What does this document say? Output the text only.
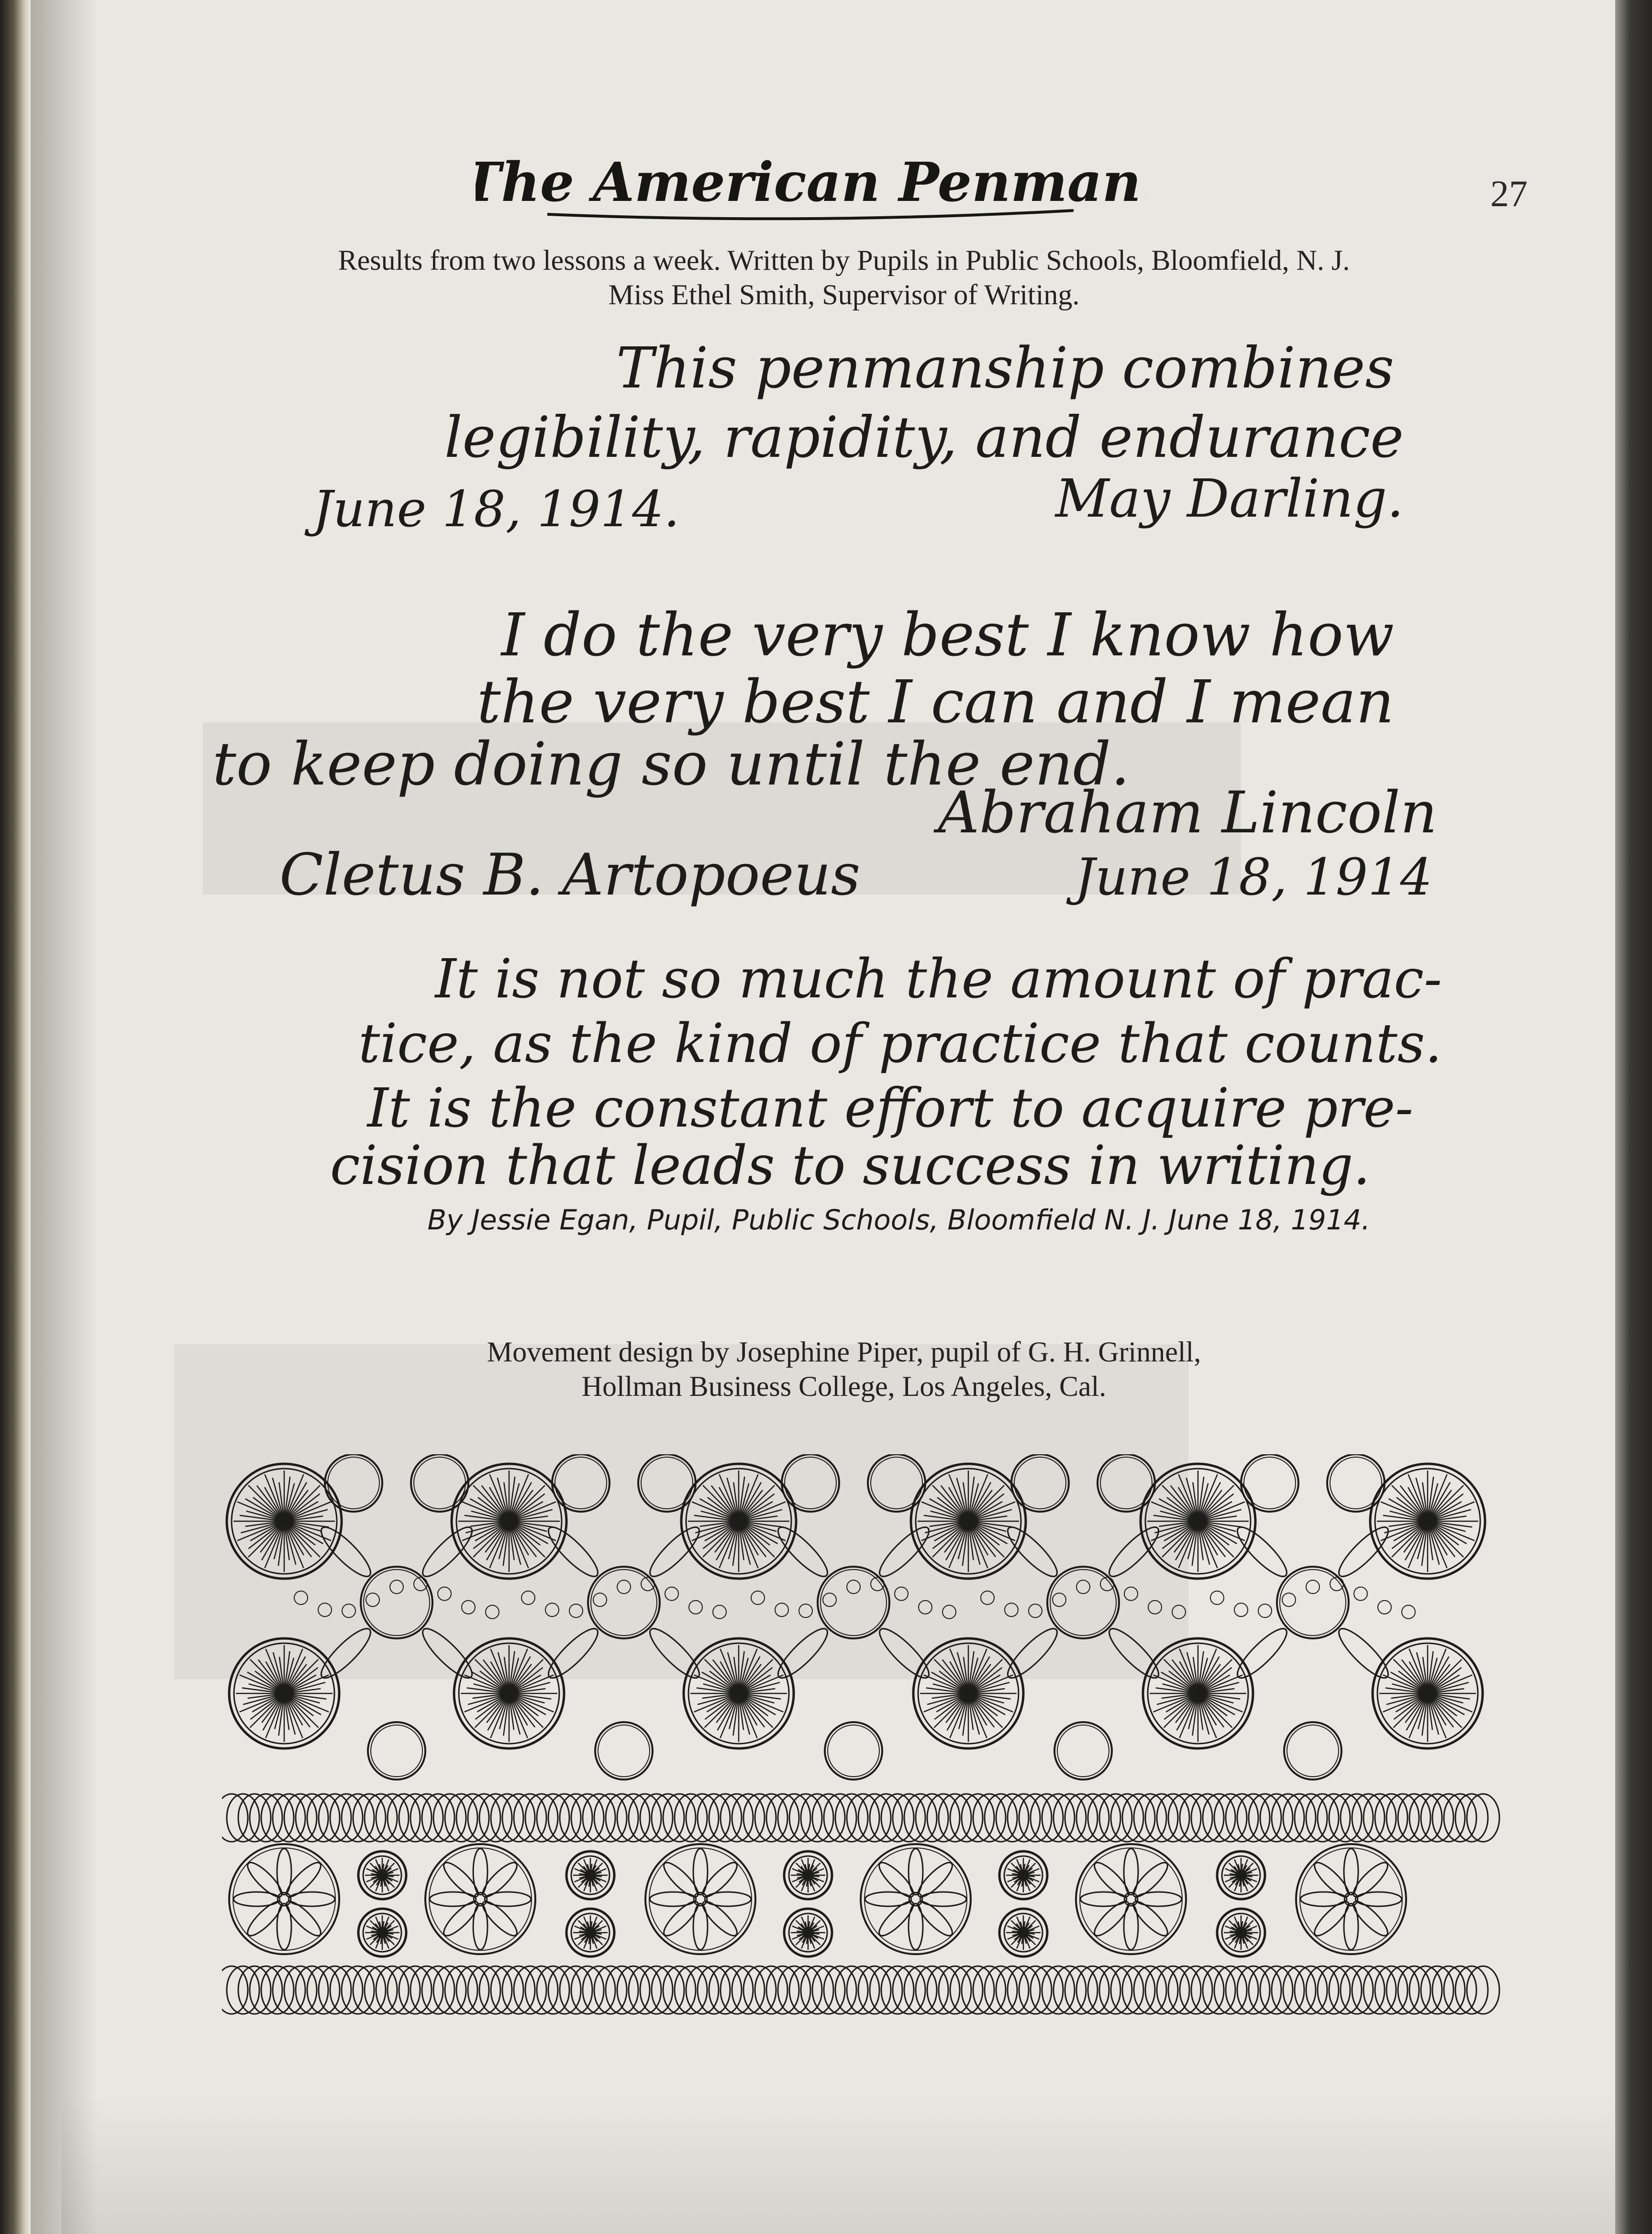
The American Penman.	27

Results from two lessons a week. Written by Pupils in Public Schools, Bloomfield, N. J.

Miss Ethel Smith, Supervisor of Writing.

This penmanship combines
legibility, rapidity, and endurance
June 18, 1914.	May Darling.
I do the very best I know how
the very best I can and I mean
to keep doing so until the end.
Abraham Lincoln
Cletus B. Artopoeus	June 18, 1914
It is not so much the amount of prac-
tice, as the kind of practice that counts.
It is the constant effort to acquire pre-
cision that leads to success in writing.
By Jessie Egan, Pupil, Public Schools, Bloomfield N. J. June 18, 1914.

Movement design by Josephine Piper, pupil of G. H. Grinnell,

Hollman Business College, Los Angeles, Cal.
